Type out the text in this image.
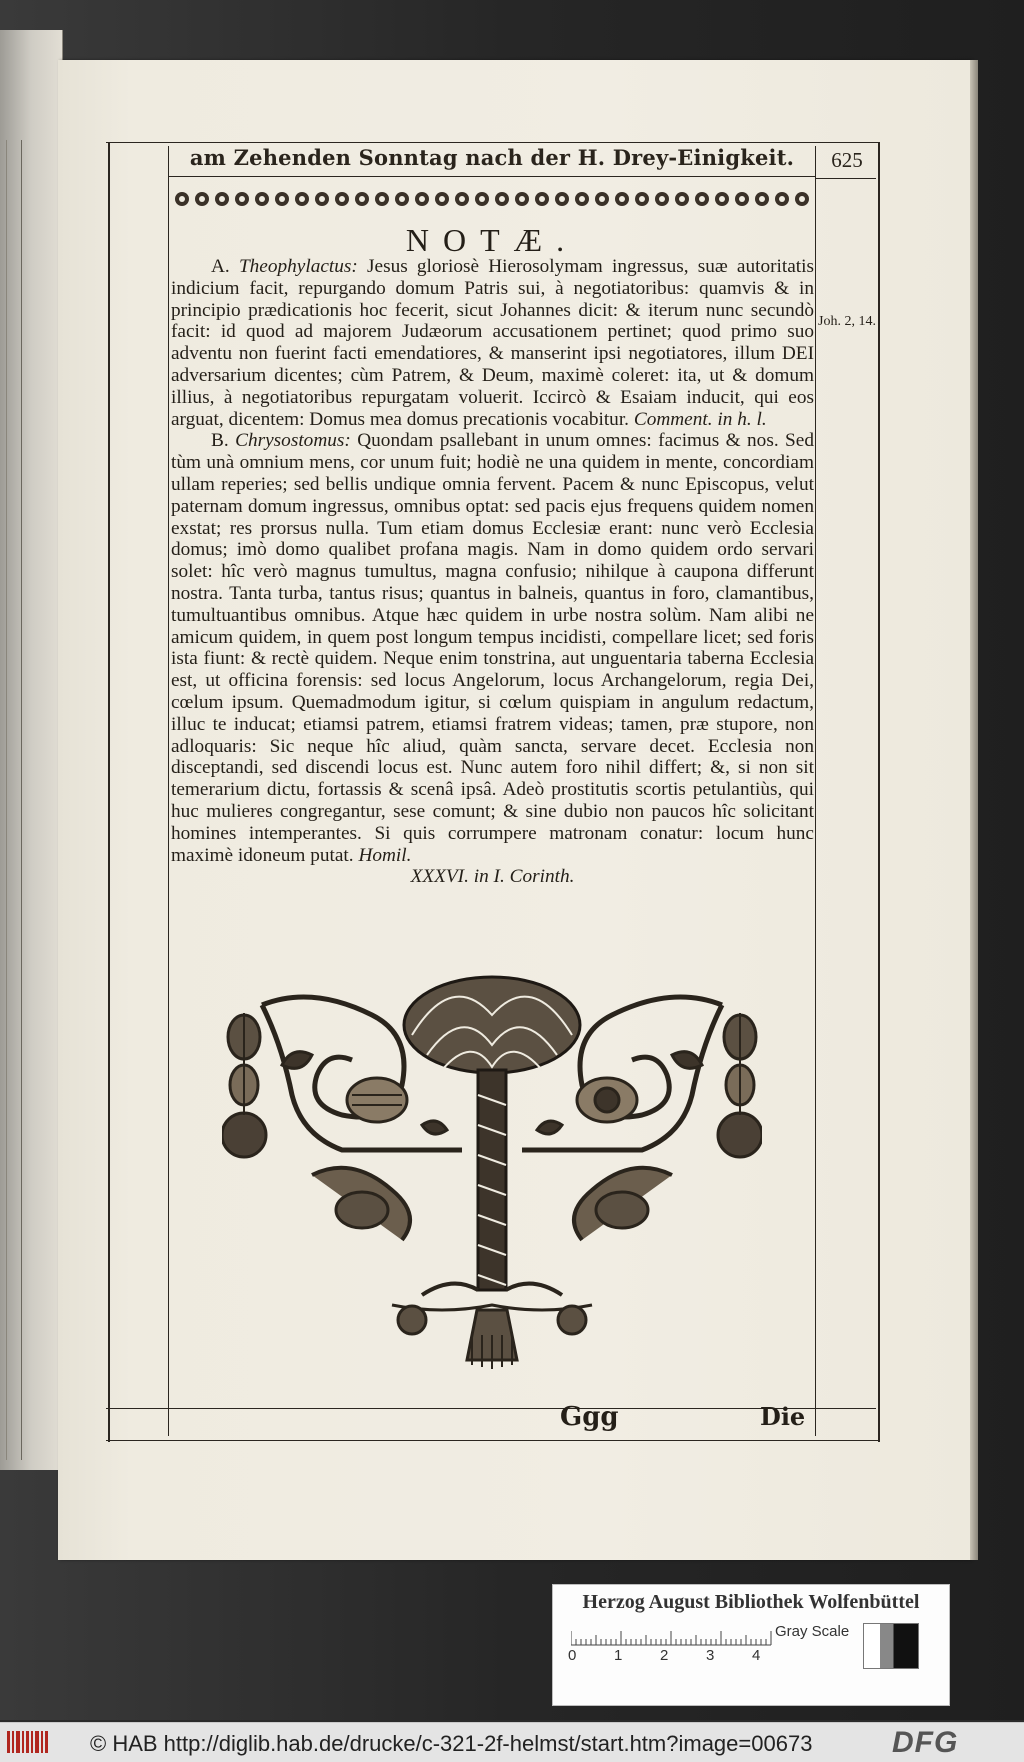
am Zehenden Sonntag nach der H. Drey-Einigkeit.	625
NOTÆ.

A. Theophylactus: Jesus gloriosè Hierosolymam ingressus, suæ autoritatis indicium facit, repurgando domum Patris sui, à negotiatoribus: quamvis & in principio prædicationis hoc fecerit, sicut Johannes dicit: & iterum nunc secundò facit: id quod ad majorem Judæorum accusationem pertinet; quod primo suo adventu non fuerint facti emendatiores, & manserint ipsi negotiatores, illum DEI adversarium dicentes; cùm Patrem, & Deum, maximè coleret: ita, ut & domum illius, à negotiatoribus repurgatam voluerit. Iccircò & Esaiam inducit, qui eos arguat, dicentem: Domus mea domus precationis vocabitur. Comment. in h. l.

B. Chrysostomus: Quondam psallebant in unum omnes: facimus & nos. Sed tùm unà omnium mens, cor unum fuit; hodiè ne una quidem in mente, concordiam ullam reperies; sed bellis undique omnia fervent. Pacem & nunc Episcopus, velut paternam domum ingressus, omnibus optat: sed pacis ejus frequens quidem nomen exstat; res prorsus nulla. Tum etiam domus Ecclesiæ erant: nunc verò Ecclesia domus; imò domo qualibet profana magis. Nam in domo quidem ordo servari solet: hîc verò magnus tumultus, magna confusio; nihilque à caupona differunt nostra. Tanta turba, tantus risus; quantus in balneis, quantus in foro, clamantibus, tumultuantibus omnibus. Atque hæc quidem in urbe nostra solùm. Nam alibi ne amicum quidem, in quem post longum tempus incidisti, compellare licet; sed foris ista fiunt: & rectè quidem. Neque enim tonstrina, aut unguentaria taberna Ecclesia est, ut officina forensis: sed locus Angelorum, locus Archangelorum, regia Dei, cœlum ipsum. Quemadmodum igitur, si cœlum quispiam in angulum redactum, illuc te inducat; etiamsi patrem, etiamsi fratrem videas; tamen, præ stupore, non adloquaris: Sic neque hîc aliud, quàm sancta, servare decet. Ecclesia non disceptandi, sed discendi locus est. Nunc autem foro nihil differt; &, si non sit temerarium dictu, fortassis & scenâ ipsâ. Adeò prostitutis scortis petulantiùs, qui huc mulieres congregantur, sese comunt; & sine dubio non paucos hîc solicitant homines intemperantes. Si quis corrumpere matronam conatur: locum hunc maximè idoneum putat. Homil.

XXXVI. in I. Corinth.

Joh. 2, 14.
Ggg	Die
Herzog August Bibliothek Wolfenbüttel
0	1	2	3	4
Gray Scale
© HAB http://diglib.hab.de/drucke/c-321-2f-helmst/start.htm?image=00673	DFG
